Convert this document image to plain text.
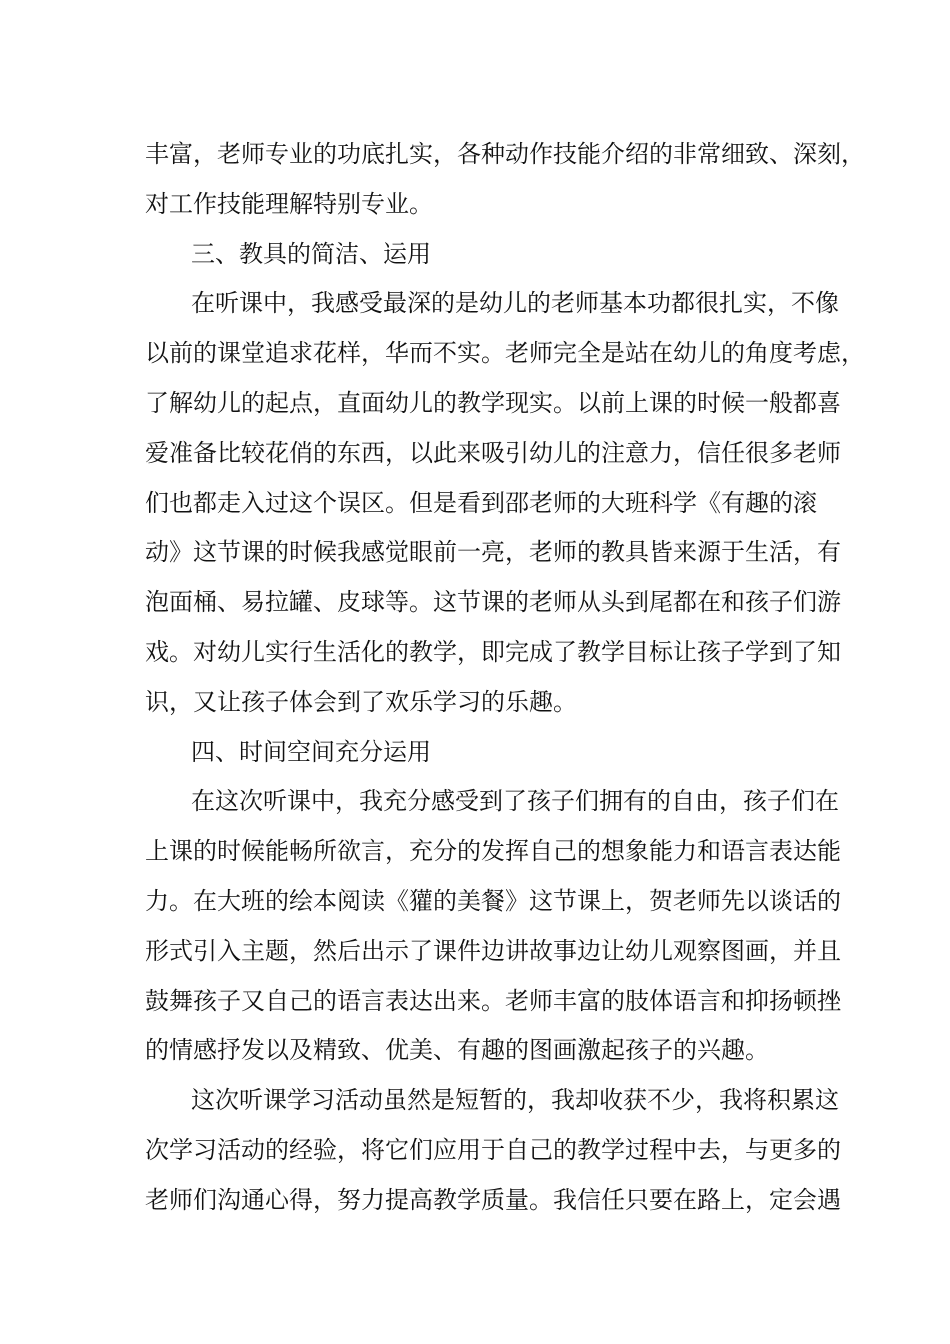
丰富，老师专业的功底扎实，各种动作技能介绍的非常细致、深刻，

对工作技能理解特别专业。

三、教具的简洁、运用

在听课中，我感受最深的是幼儿的老师基本功都很扎实，不像

以前的课堂追求花样，华而不实。老师完全是站在幼儿的角度考虑，

了解幼儿的起点，直面幼儿的教学现实。以前上课的时候一般都喜

爱准备比较花俏的东西，以此来吸引幼儿的注意力，信任很多老师

们也都走入过这个误区。但是看到邵老师的大班科学《有趣的滚

动》这节课的时候我感觉眼前一亮，老师的教具皆来源于生活，有

泡面桶、易拉罐、皮球等。这节课的老师从头到尾都在和孩子们游

戏。对幼儿实行生活化的教学，即完成了教学目标让孩子学到了知

识，又让孩子体会到了欢乐学习的乐趣。

四、时间空间充分运用

在这次听课中，我充分感受到了孩子们拥有的自由，孩子们在

上课的时候能畅所欲言，充分的发挥自己的想象能力和语言表达能

力。在大班的绘本阅读《獾的美餐》这节课上，贺老师先以谈话的

形式引入主题，然后出示了课件边讲故事边让幼儿观察图画，并且

鼓舞孩子又自己的语言表达出来。老师丰富的肢体语言和抑扬顿挫

的情感抒发以及精致、优美、有趣的图画激起孩子的兴趣。

这次听课学习活动虽然是短暂的，我却收获不少，我将积累这

次学习活动的经验，将它们应用于自己的教学过程中去，与更多的

老师们沟通心得，努力提高教学质量。我信任只要在路上，定会遇
